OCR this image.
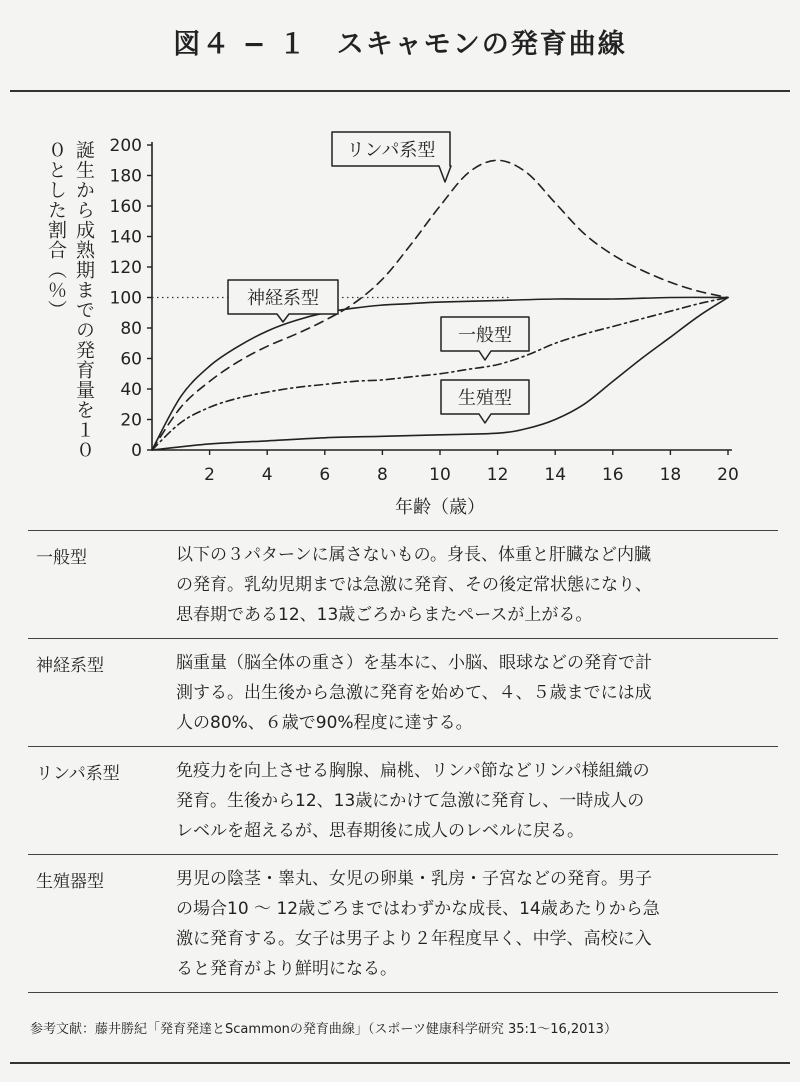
図４ − １　スキャモンの発育曲線
誕生から成熟期までの発育量を１００とした割合（％）
0
20
40
60
80
100
120
140
160
180
200
2	4	6	8 10 12 14 16 18 20
年齢（歳）
リンパ系型
神経系型
一般型
生殖型
一般型	以下の３パターンに属さないもの。身長、体重と肝臓など内臓
の発育。乳幼児期までは急激に発育、その後定常状態になり、
思春期である12、13歳ごろからまたペースが上がる。
神経系型	脳重量（脳全体の重さ）を基本に、小脳、眼球などの発育で計
測する。出生後から急激に発育を始めて、４、５歳までには成
人の80%、６歳で90%程度に達する。
リンパ系型	免疫力を向上させる胸腺、扁桃、リンパ節などリンパ様組織の
発育。生後から12、13歳にかけて急激に発育し、一時成人の
レベルを超えるが、思春期後に成人のレベルに戻る。
生殖器型	男児の陰茎・睾丸、女児の卵巣・乳房・子宮などの発育。男子
の場合10 〜 12歳ごろまではわずかな成長、14歳あたりから急
激に発育する。女子は男子より２年程度早く、中学、高校に入
ると発育がより鮮明になる。
参考文献：藤井勝紀「発育発達とScammonの発育曲線」（スポーツ健康科学研究 35:1〜16,2013）
